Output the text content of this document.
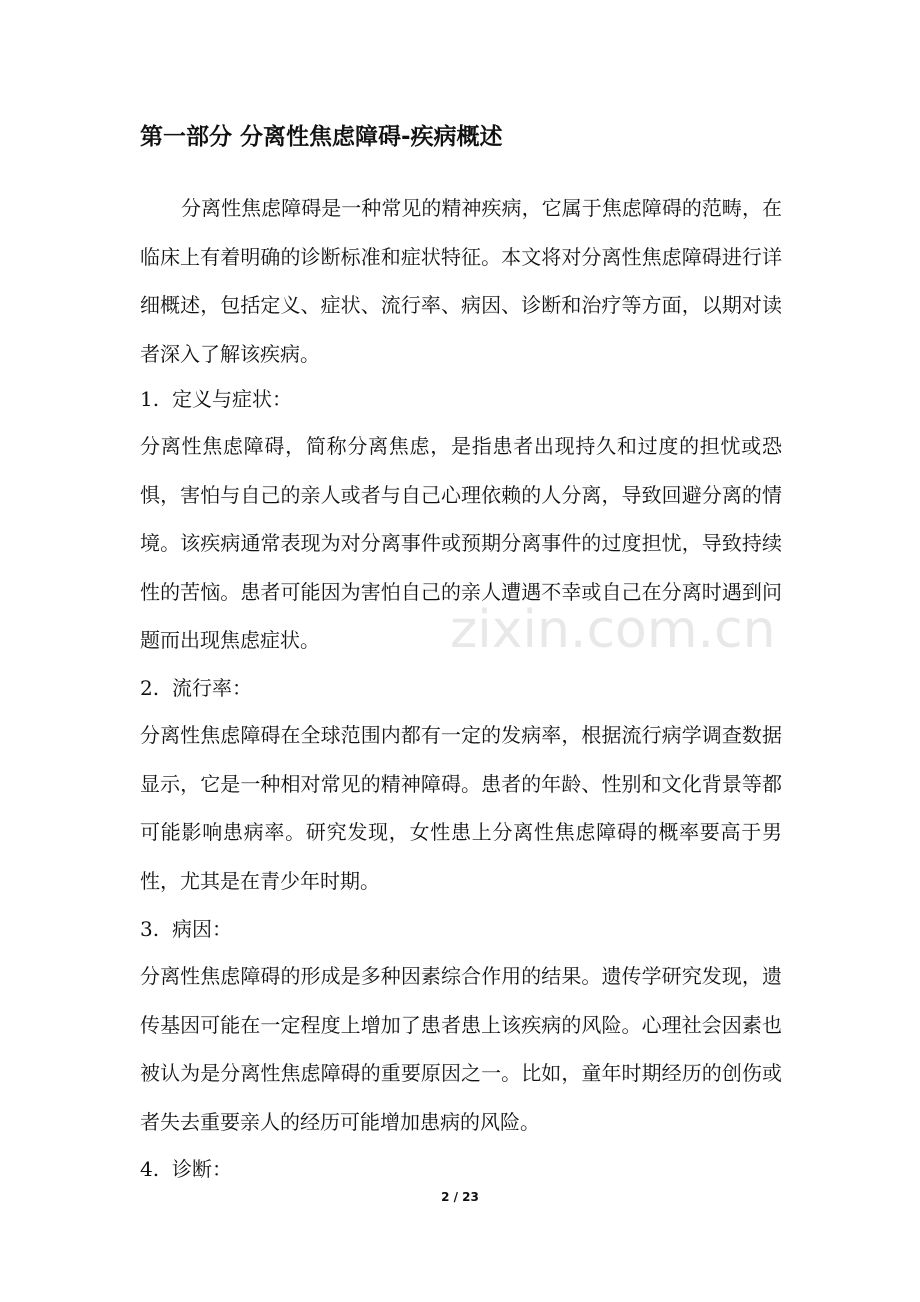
第一部分 分离性焦虑障碍-疾病概述

分离性焦虑障碍是一种常见的精神疾病，它属于焦虑障碍的范畴，在临床上有着明确的诊断标准和症状特征。本文将对分离性焦虑障碍进行详细概述，包括定义、症状、流行率、病因、诊断和治疗等方面，以期对读者深入了解该疾病。

1. 定义与症状：

分离性焦虑障碍，简称分离焦虑，是指患者出现持久和过度的担忧或恐惧，害怕与自己的亲人或者与自己心理依赖的人分离，导致回避分离的情境。该疾病通常表现为对分离事件或预期分离事件的过度担忧，导致持续性的苦恼。患者可能因为害怕自己的亲人遭遇不幸或自己在分离时遇到问题而出现焦虑症状。

2. 流行率：

分离性焦虑障碍在全球范围内都有一定的发病率，根据流行病学调查数据显示，它是一种相对常见的精神障碍。患者的年龄、性别和文化背景等都可能影响患病率。研究发现，女性患上分离性焦虑障碍的概率要高于男性，尤其是在青少年时期。

3. 病因：

分离性焦虑障碍的形成是多种因素综合作用的结果。遗传学研究发现，遗传基因可能在一定程度上增加了患者患上该疾病的风险。心理社会因素也被认为是分离性焦虑障碍的重要原因之一。比如，童年时期经历的创伤或者失去重要亲人的经历可能增加患病的风险。

4. 诊断：
zixin.com.cn
2 / 23
